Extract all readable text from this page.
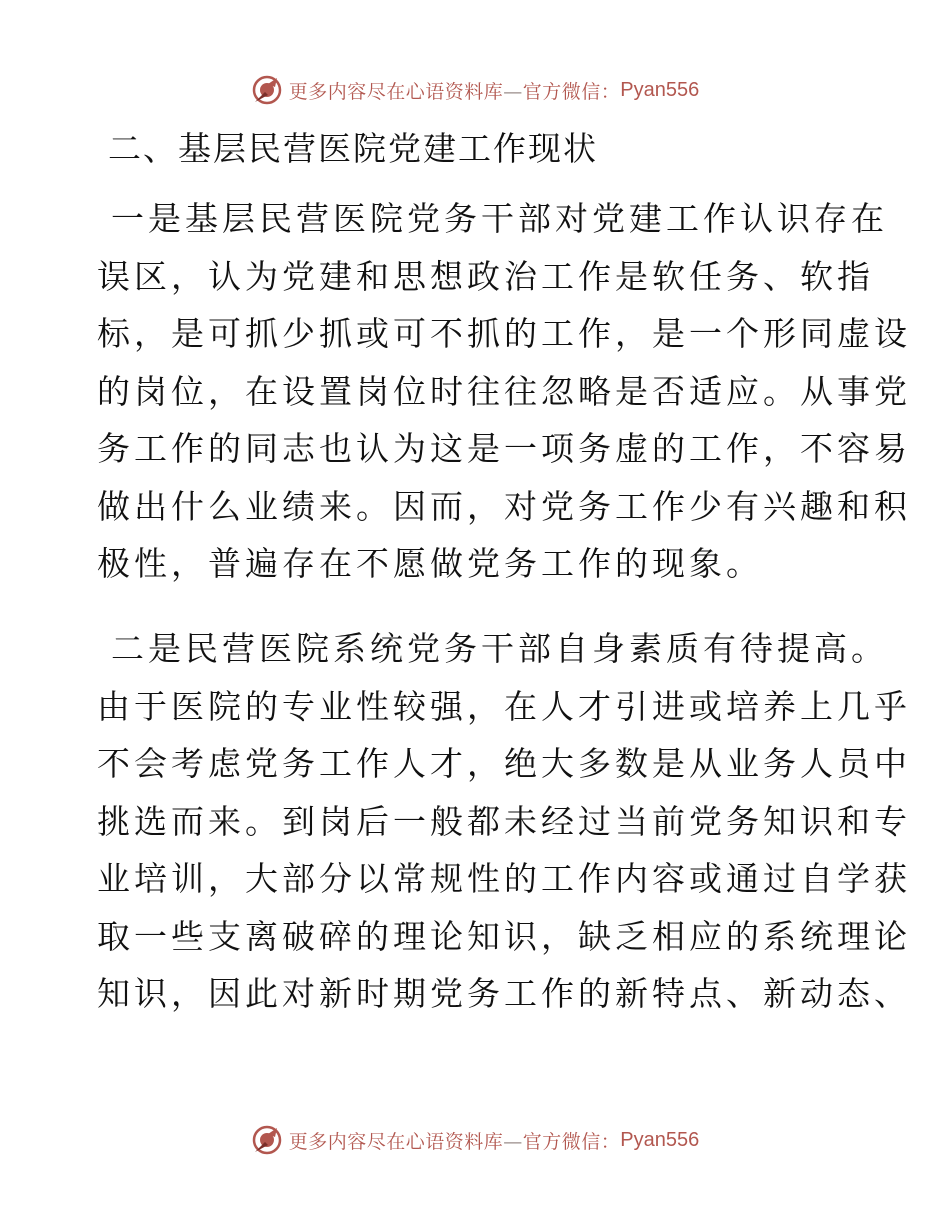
更多内容尽在心语资料库—官方微信： Pyan556
二、基层民营医院党建工作现状
一是基层民营医院党务干部对党建工作认识存在
误区，认为党建和思想政治工作是软任务、软指
标，是可抓少抓或可不抓的工作，是一个形同虚设
的岗位，在设置岗位时往往忽略是否适应。从事党
务工作的同志也认为这是一项务虚的工作，不容易
做出什么业绩来。因而，对党务工作少有兴趣和积
极性，普遍存在不愿做党务工作的现象。
二是民营医院系统党务干部自身素质有待提高。
由于医院的专业性较强，在人才引进或培养上几乎
不会考虑党务工作人才，绝大多数是从业务人员中
挑选而来。到岗后一般都未经过当前党务知识和专
业培训，大部分以常规性的工作内容或通过自学获
取一些支离破碎的理论知识，缺乏相应的系统理论
知识，因此对新时期党务工作的新特点、新动态、
更多内容尽在心语资料库—官方微信： Pyan556
